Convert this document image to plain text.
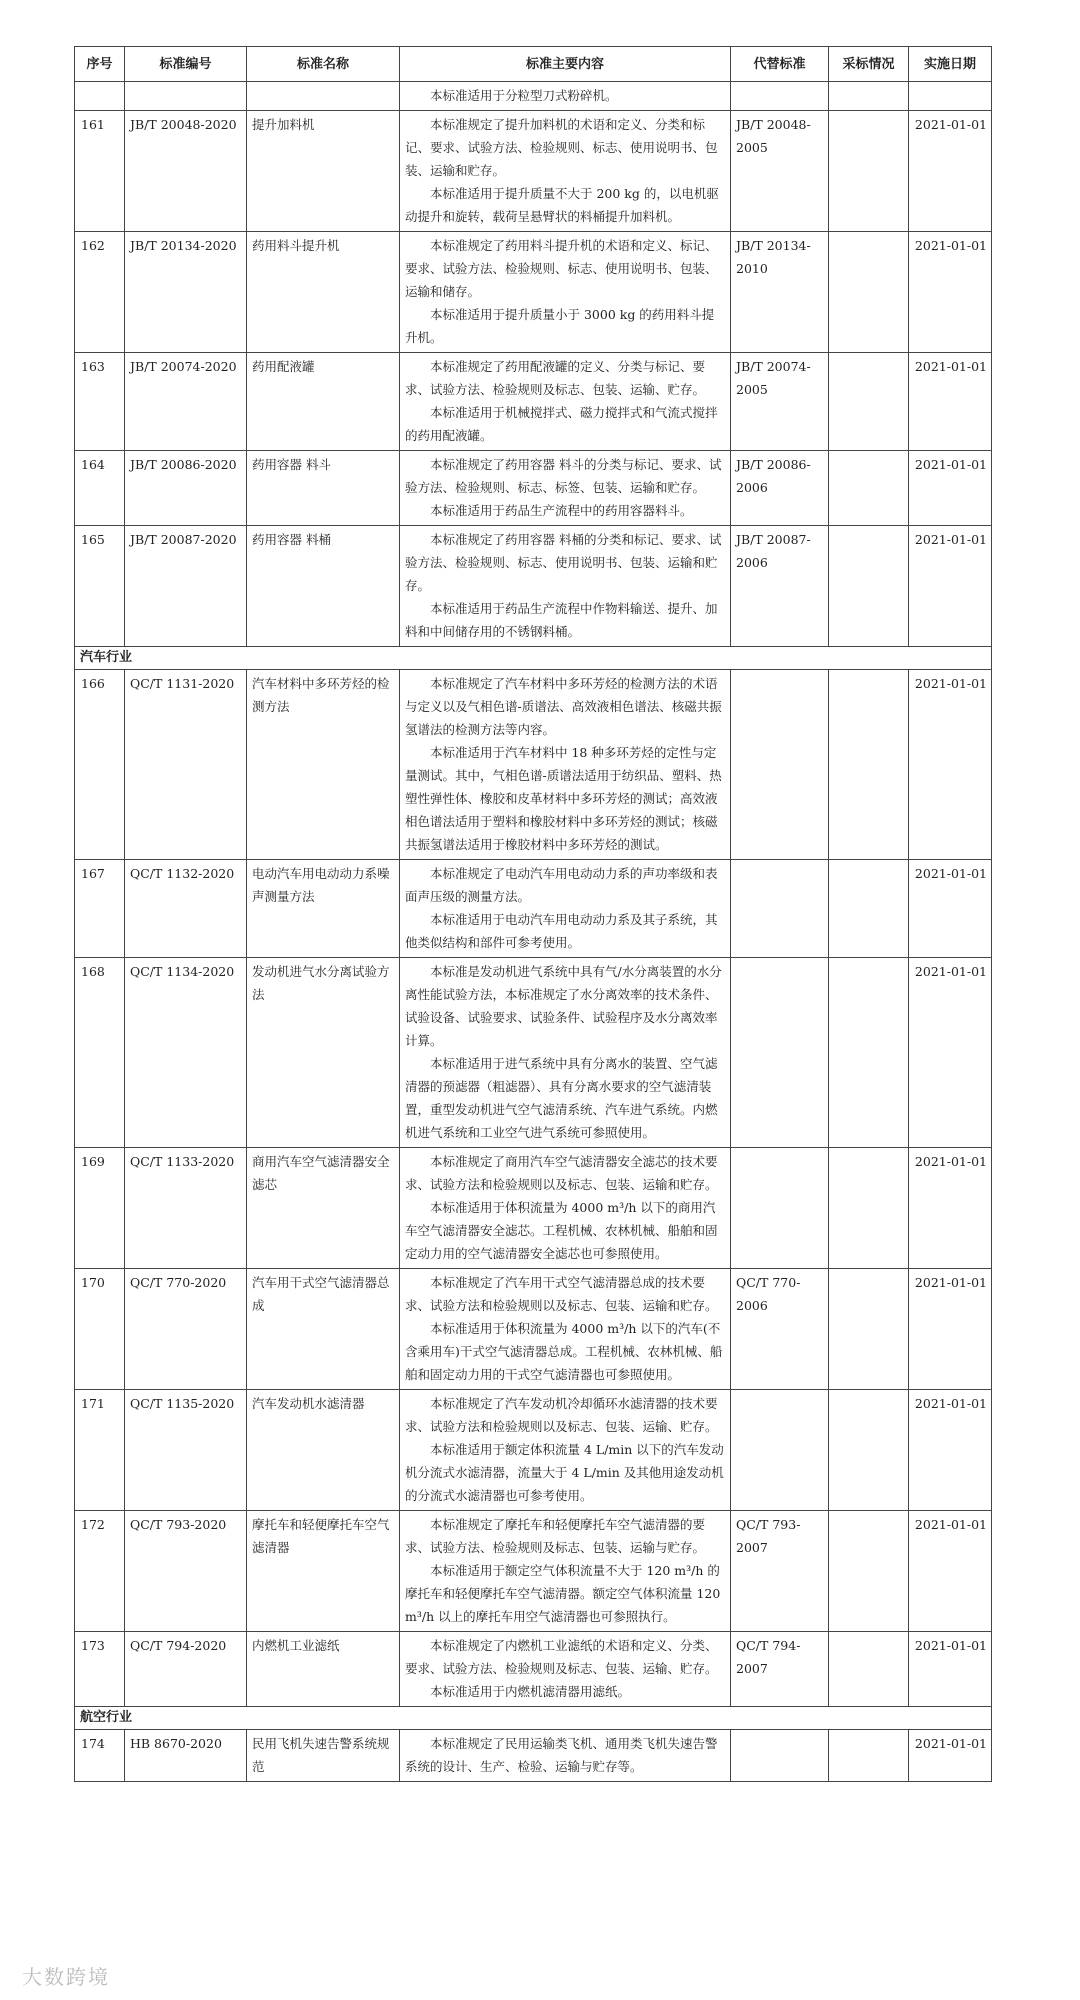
序号	标准编号	标准名称	标准主要内容	代替标准	采标情况	实施日期

			本标准适用于分粒型刀式粉碎机。			

161	JB/T 20048-2020	提升加料机	本标准规定了提升加料机的术语和定义、分类和标记、要求、试验方法、检验规则、标志、使用说明书、包装、运输和贮存。

本标准适用于提升质量不大于 200 kg 的，以电机驱动提升和旋转，载荷呈悬臂状的料桶提升加料机。	JB/T 20048-2005		2021-01-01
162	JB/T 20134-2020	药用料斗提升机	本标准规定了药用料斗提升机的术语和定义、标记、要求、试验方法、检验规则、标志、使用说明书、包装、运输和储存。

本标准适用于提升质量小于 3000 kg 的药用料斗提升机。	JB/T 20134-2010		2021-01-01
163	JB/T 20074-2020	药用配液罐	本标准规定了药用配液罐的定义、分类与标记、要求、试验方法、检验规则及标志、包装、运输、贮存。

本标准适用于机械搅拌式、磁力搅拌式和气流式搅拌的药用配液罐。	JB/T 20074-2005		2021-01-01
164	JB/T 20086-2020	药用容器 料斗	本标准规定了药用容器 料斗的分类与标记、要求、试验方法、检验规则、标志、标签、包装、运输和贮存。

本标准适用于药品生产流程中的药用容器料斗。	JB/T 20086-2006		2021-01-01
165	JB/T 20087-2020	药用容器 料桶	本标准规定了药用容器 料桶的分类和标记、要求、试验方法、检验规则、标志、使用说明书、包装、运输和贮存。

本标准适用于药品生产流程中作物料输送、提升、加料和中间储存用的不锈钢料桶。	JB/T 20087-2006		2021-01-01
汽车行业						
166	QC/T 1131-2020	汽车材料中多环芳烃的检测方法	本标准规定了汽车材料中多环芳烃的检测方法的术语与定义以及气相色谱-质谱法、高效液相色谱法、核磁共振氢谱法的检测方法等内容。

本标准适用于汽车材料中 18 种多环芳烃的定性与定量测试。其中，气相色谱-质谱法适用于纺织品、塑料、热塑性弹性体、橡胶和皮革材料中多环芳烃的测试；高效液相色谱法适用于塑料和橡胶材料中多环芳烃的测试；核磁共振氢谱法适用于橡胶材料中多环芳烃的测试。			2021-01-01
167	QC/T 1132-2020	电动汽车用电动动力系噪声测量方法	本标准规定了电动汽车用电动动力系的声功率级和表面声压级的测量方法。

本标准适用于电动汽车用电动动力系及其子系统，其他类似结构和部件可参考使用。			2021-01-01
168	QC/T 1134-2020	发动机进气水分离试验方法	本标准是发动机进气系统中具有气/水分离装置的水分离性能试验方法，本标准规定了水分离效率的技术条件、试验设备、试验要求、试验条件、试验程序及水分离效率计算。

本标准适用于进气系统中具有分离水的装置、空气滤清器的预滤器（粗滤器）、具有分离水要求的空气滤清装置，重型发动机进气空气滤清系统、汽车进气系统。内燃机进气系统和工业空气进气系统可参照使用。			2021-01-01
169	QC/T 1133-2020	商用汽车空气滤清器安全滤芯	本标准规定了商用汽车空气滤清器安全滤芯的技术要求、试验方法和检验规则以及标志、包装、运输和贮存。

本标准适用于体积流量为 4000 m³/h 以下的商用汽车空气滤清器安全滤芯。工程机械、农林机械、船舶和固定动力用的空气滤清器安全滤芯也可参照使用。			2021-01-01
170	QC/T 770-2020	汽车用干式空气滤清器总成	本标准规定了汽车用干式空气滤清器总成的技术要求、试验方法和检验规则以及标志、包装、运输和贮存。

本标准适用于体积流量为 4000 m³/h 以下的汽车(不含乘用车)干式空气滤清器总成。工程机械、农林机械、船舶和固定动力用的干式空气滤清器也可参照使用。	QC/T 770-2006		2021-01-01
171	QC/T 1135-2020	汽车发动机水滤清器	本标准规定了汽车发动机冷却循环水滤清器的技术要求、试验方法和检验规则以及标志、包装、运输、贮存。

本标准适用于额定体积流量 4 L/min 以下的汽车发动机分流式水滤清器，流量大于 4 L/min 及其他用途发动机的分流式水滤清器也可参考使用。			2021-01-01
172	QC/T 793-2020	摩托车和轻便摩托车空气滤清器	本标准规定了摩托车和轻便摩托车空气滤清器的要求、试验方法、检验规则及标志、包装、运输与贮存。

本标准适用于额定空气体积流量不大于 120 m³/h 的摩托车和轻便摩托车空气滤清器。额定空气体积流量 120 m³/h 以上的摩托车用空气滤清器也可参照执行。	QC/T 793-2007		2021-01-01
173	QC/T 794-2020	内燃机工业滤纸	本标准规定了内燃机工业滤纸的术语和定义、分类、要求、试验方法、检验规则及标志、包装、运输、贮存。

本标准适用于内燃机滤清器用滤纸。	QC/T 794-2007		2021-01-01
航空行业						
174	HB 8670-2020	民用飞机失速告警系统规范	本标准规定了民用运输类飞机、通用类飞机失速告警系统的设计、生产、检验、运输与贮存等。			2021-01-01
大数跨境
